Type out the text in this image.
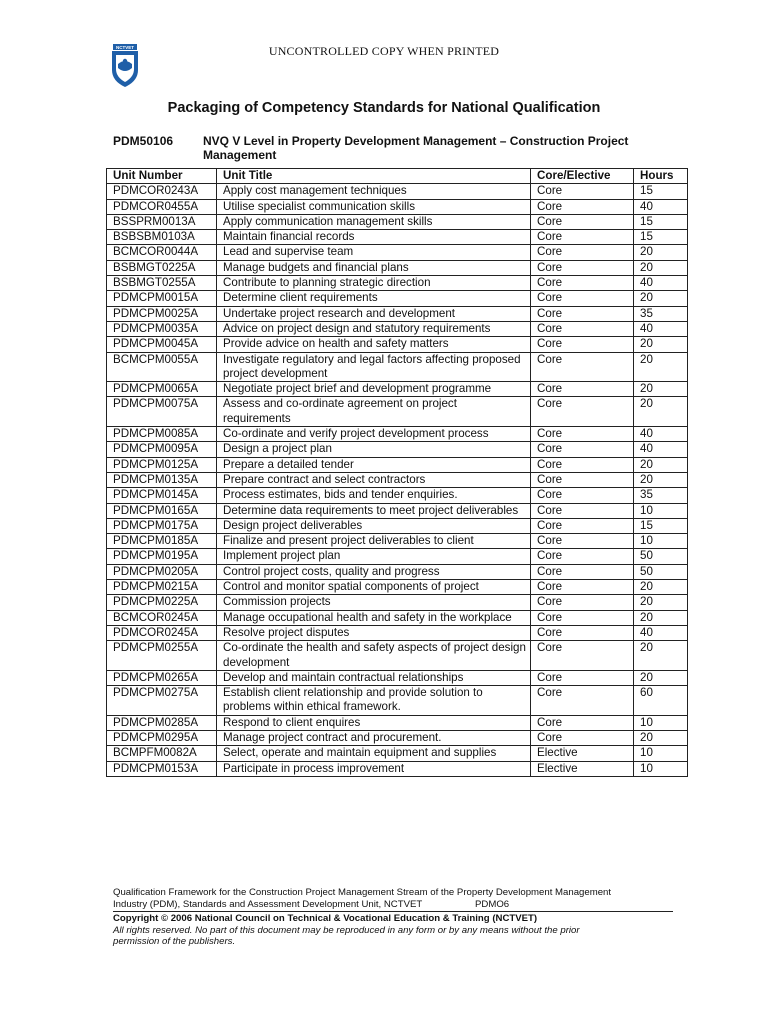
NCTVET	UNCONTROLLED COPY WHEN PRINTED
Packaging of Competency Standards for National Qualification
PDM50106 NVQ V Level in Property Development Management – Construction Project Management
Unit Number	Unit Title	Core/Elective	Hours
PDMCOR0243A	Apply cost management techniques	Core	15
PDMCOR0455A	Utilise specialist communication skills	Core	40
BSSPRM0013A	Apply communication management skills	Core	15
BSBSBM0103A	Maintain financial records	Core	15
BCMCOR0044A	Lead and supervise team	Core	20
BSBMGT0225A	Manage budgets and financial plans	Core	20
BSBMGT0255A	Contribute to planning strategic direction	Core	40
PDMCPM0015A	Determine client requirements	Core	20
PDMCPM0025A	Undertake project research and development	Core	35
PDMCPM0035A	Advice on project design and statutory requirements	Core	40
PDMCPM0045A	Provide advice on health and safety matters	Core	20
BCMCPM0055A	Investigate regulatory and legal factors affecting proposed project development	Core	20
PDMCPM0065A	Negotiate project brief and development programme	Core	20
PDMCPM0075A	Assess and co-ordinate agreement on project requirements	Core	20
PDMCPM0085A	Co-ordinate and verify project development process	Core	40
PDMCPM0095A	Design a project plan	Core	40
PDMCPM0125A	Prepare a detailed tender	Core	20
PDMCPM0135A	Prepare contract and select contractors	Core	20
PDMCPM0145A	Process estimates, bids and tender enquiries.	Core	35
PDMCPM0165A	Determine data requirements to meet project deliverables	Core	10
PDMCPM0175A	Design project deliverables	Core	15
PDMCPM0185A	Finalize and present project deliverables to client	Core	10
PDMCPM0195A	Implement project plan	Core	50
PDMCPM0205A	Control project costs, quality and progress	Core	50
PDMCPM0215A	Control and monitor spatial components of project	Core	20
PDMCPM0225A	Commission projects	Core	20
BCMCOR0245A	Manage occupational health and safety in the workplace	Core	20
PDMCOR0245A	Resolve project disputes	Core	40
PDMCPM0255A	Co-ordinate the health and safety aspects of project design development	Core	20
PDMCPM0265A	Develop and maintain contractual relationships	Core	20
PDMCPM0275A	Establish client relationship and provide solution to problems within ethical framework.	Core	60
PDMCPM0285A	Respond to client enquires	Core	10
PDMCPM0295A	Manage project contract and procurement.	Core	20
BCMPFM0082A	Select, operate and maintain equipment and supplies	Elective	10
PDMCPM0153A	Participate in process improvement	Elective	10
Qualification Framework for the Construction Project Management Stream of the Property Development Management
Industry (PDM), Standards and Assessment Development Unit, NCTVET	PDMO6
Copyright © 2006 National Council on Technical & Vocational Education & Training (NCTVET)
All rights reserved. No part of this document may be reproduced in any form or by any means without the prior
permission of the publishers.
